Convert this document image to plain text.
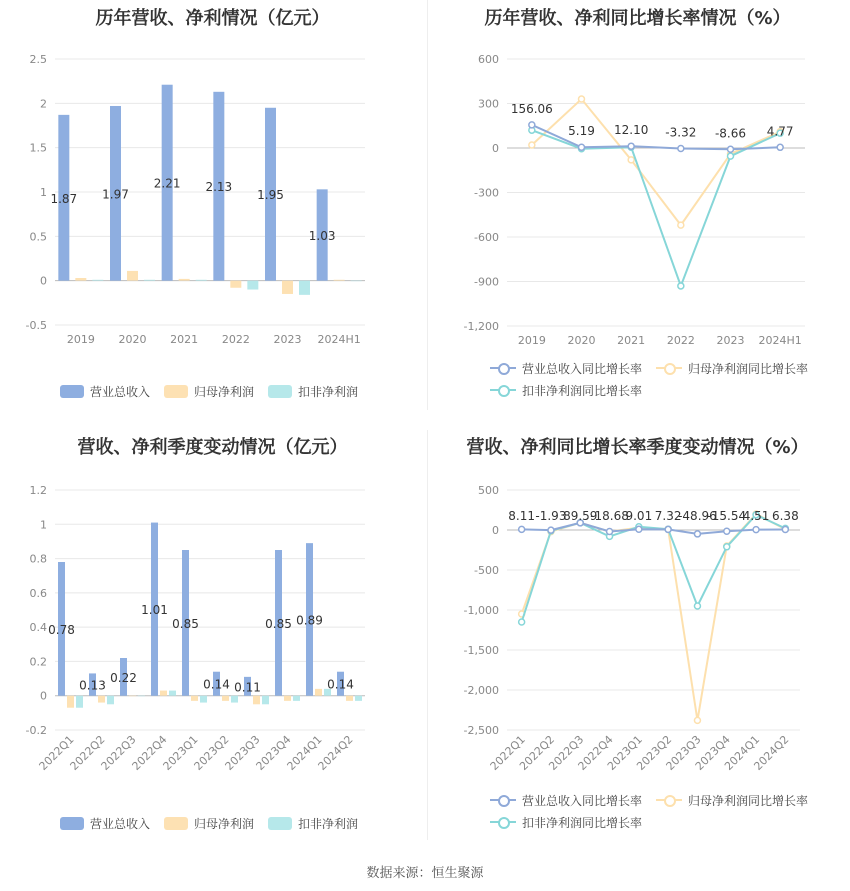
历年营收、净利情况（亿元）
-0.5
0
0.5
1
1.5
2
2.5
2019 2020 2021 2022 2023 2024H1
1.87 1.97
2.21 2.13
1.95
1.03
营业总收入	归母净利润	扣非净利润
历年营收、净利同比增长率情况（%）
-1,200
-900
-600
-300
0
300
600
2019 2020 2021 2022 2023 2024H1
156.06
5.19 12.10 -3.32 -8.66 4.77
营业总收入同比增长率	归母净利润同比增长率
扣非净利润同比增长率
营收、净利季度变动情况（亿元）
-0.2
0
0.2
0.4
0.6
0.8
1
1.2
2022Q1
2022Q2
2022Q3
2022Q4
2023Q1
2023Q2
2023Q3
2023Q4
2024Q1
2024Q2
0.78
0.13
0.22
1.01
0.85
0.14 0.11
0.85 0.89
0.14
营业总收入	归母净利润	扣非净利润
营收、净利同比增长率季度变动情况（%）
-2,500
-2,000
-1,500
-1,000
-500
0
500
2022Q1
2022Q2
2022Q3
2022Q4
2023Q1
2023Q2
2023Q3
2023Q4
2024Q1
2024Q2
8.11 -1.93
89.59
-18.68
9.01 7.32
-48.96
-15.54
4.51 6.38
营业总收入同比增长率	归母净利润同比增长率
扣非净利润同比增长率
数据来源：恒生聚源
